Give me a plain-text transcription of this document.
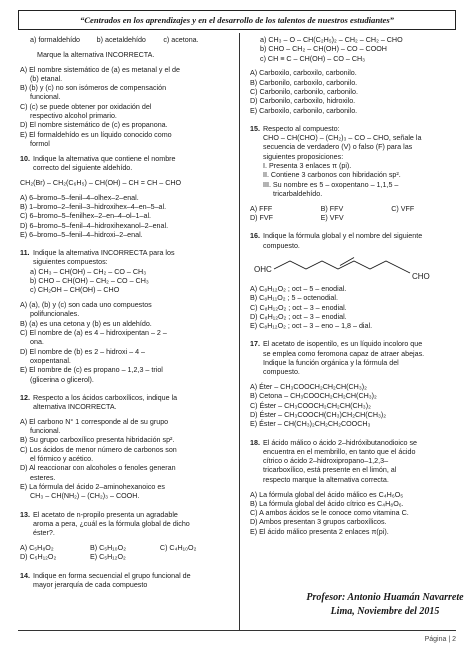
“Centrados en los aprendizajes y en el desarrollo de los talentos de nuestros estudiantes”
a) formaldehído	b) acetaldehído	c) acetona.
Marque la alternativa INCORRECTA.
A) El nombre sistemático de (a) es metanal y el de
(b) etanal.
B) (b) y (c) no son isómeros de compensación
funcional.
C) (c) se puede obtener por oxidación del
respectivo alcohol primario.
D) El nombre sistemático de (c) es propanona.
E) El formaldehído es un líquido conocido como
formol
10. Indique la alternativa que contiene el nombre
correcto del siguiente aldehído.
CH₂(Br) – CH₂(C₆H₅) – CH(OH) – CH = CH – CHO
A) 6–bromo–5–fenil–4–olhex–2–enal.
B) 1–bromo–2–fenil–3–hidroxihex–4–en–5–al.
C) 6–bromo–5–fenilhex–2–en–4–ol–1–al.
D) 6–bromo–5–fenil–4–hidroxihexanol–2–enal.
E) 6–bromo–5–fenil–4–hidroxi–2–enal.
11. Indique la alternativa INCORRECTA para los
siguientes compuestos:
a) CH₃ – CH(OH) – CH₂ – CO – CH₃
b) CHO – CH(OH) – CH₂ – CO – CH₃
c) CH₂OH – CH(OH) – CHO
A) (a), (b) y (c) son cada uno compuestos
polifuncionales.
B) (a) es una cetona y (b) es un aldehído.
C) El nombre de (a) es 4 – hidroxipentan – 2 –
ona.
D) El nombre de (b) es 2 – hidroxi – 4 –
oxopentanal.
E) El nombre de (c) es propano – 1,2,3 – triol
(glicerina o glicerol).
12. Respecto a los ácidos carboxílicos, indique la
alternativa INCORRECTA.
A) El carbono N° 1 corresponde al de su grupo
funcional.
B) Su grupo carboxílico presenta hibridación sp².
C) Los ácidos de menor número de carbonos son
el fórmico y acético.
D) Al reaccionar con alcoholes o fenoles generan
esteres.
E) La fórmula del ácido 2–aminohexanoico es
CH₃ – CH(NH₂) – (CH₂)₃ – COOH.
13. El acetato de n-propilo presenta un agradable
aroma a pera, ¿cuál es la fórmula global de dicho
éster?.
A) C₅H₈O₂	B) C₅H₁₀O₂	C) C₄H₁₀O₂
D) C₅H₁₂O₂	E) C₅H₁₂O₂
14. Indique en forma secuencial el grupo funcional de
mayor jerarquía de cada compuesto
a) CH₃ – O – CH(C₂H₅)₂ – CH₂ – CH₂ – CHO
b) CHO – CH₂ – CH(OH) – CO – COOH
c) CH ≡ C – CH(OH) – CO – CH₃
A) Carboxilo, carboxilo, carbonilo.
B) Carbonilo, carboxilo, carbonilo.
C) Carbonilo, carbonilo, carbonilo.
D) Carbonilo, carboxilo, hidroxilo.
E) Carboxilo, carbonilo, carbonilo.
15. Respecto al compuesto:
CHO – CH(CHO) – (CH₂)₃ – CO – CHO, señale la
secuencia de verdadero (V) o falso (F) para las
siguientes proposiciones:
I. Presenta 3 enlaces π (pi).
II. Contiene 3 carbonos con hibridación sp².
III. Su nombre es 5 – oxopentano – 1,1,5 –
tricarbaldehído.
A) FFF	B) FFV	C) VFF
D) FVF	E) VFV
16. Indique la fórmula global y el nombre del siguiente
compuesto.
OHC
CHO
A) C₈H₁₂O₂ ; oct – 5 – enodial.
B) C₈H₁₁O₂ ; 5 – octenodial.
C) C₈H₁₂O₂ ; oct – 3 – enodial.
D) C₈H₁₂O₂ ; oct – 3 – enodial.
E) C₈H₁₂O₂ ; oct – 3 – eno – 1,8 – dial.
17. El acetato de isopentilo, es un líquido incoloro que
se emplea como feromona capaz de atraer abejas.
Indique la función orgánica y la fórmula del
compuesto.
A) Éter – CH₃COOCH₂CH₂CH(CH₃)₂
B) Cetona – CH₃COOCH₂CH₂CH(CH₃)₂
C) Éster – CH₃COOCH₂CH₂CH(CH₃)₂
D) Éster – CH₃COOCH(CH₃)CH₂CH(CH₃)₂
E) Éster – CH(CH₃)₂CH₂CH₂COOCH₃
18. El ácido málico o ácido 2–hidróxibutanodioico se
encuentra en el membrillo, en tanto que el ácido
cítrico o ácido 2–hidroxipropano–1,2,3–
tricarboxílico, está presente en el limón, al
respecto marque la alternativa correcta.
A) La fórmula global del ácido málico es C₄H₆O₅
B) La fórmula global del ácido cítrico es C₄H₈O₆.
C) A ambos ácidos se le conoce como vitamina C.
D) Ambos presentan 3 grupos carboxílicos.
E) El ácido málico presenta 2 enlaces π(pi).
Profesor: Antonio Huamán Navarrete
Lima, Noviembre del 2015
Página | 2
